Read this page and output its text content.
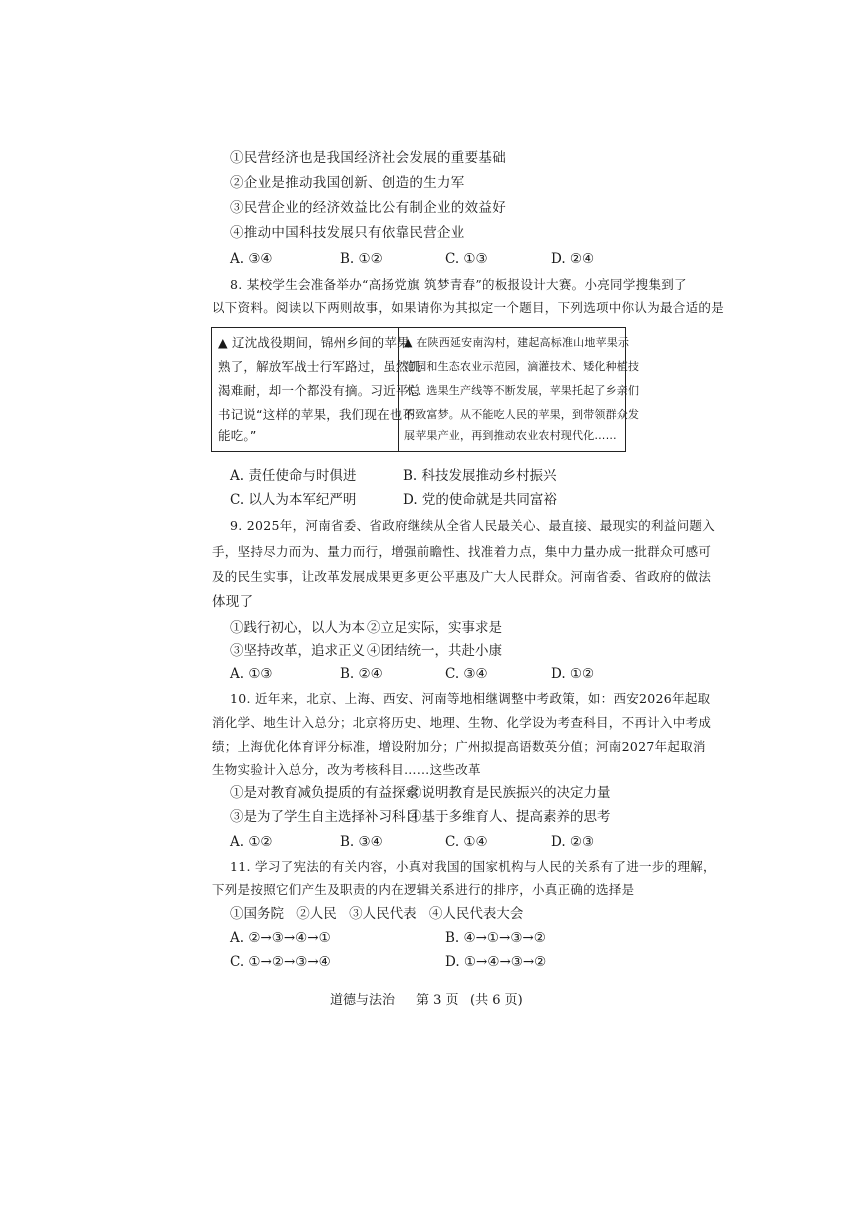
①民营经济也是我国经济社会发展的重要基础
②企业是推动我国创新、创造的生力军
③民营企业的经济效益比公有制企业的效益好
④推动中国科技发展只有依靠民营企业
A. ③④	B. ①②	C. ①③	D. ②④
8. 某校学生会准备举办“高扬党旗 筑梦青春”的板报设计大赛。小亮同学搜集到了
以下资料。阅读以下两则故事，如果请你为其拟定一个题目，下列选项中你认为最合适的是
▲ 辽沈战役期间，锦州乡间的苹果
熟了，解放军战士行军路过，虽然饥
渴难耐，却一个都没有摘。习近平总
书记说“这样的苹果，我们现在也不
能吃。”
▲ 在陕西延安南沟村，建起高标准山地苹果示
范园和生态农业示范园，滴灌技术、矮化种植技
术、选果生产线等不断发展，苹果托起了乡亲们
的致富梦。从不能吃人民的苹果，到带领群众发
展苹果产业，再到推动农业农村现代化……
A. 责任使命与时俱进	B. 科技发展推动乡村振兴
C. 以人为本军纪严明	D. 党的使命就是共同富裕
9. 2025年，河南省委、省政府继续从全省人民最关心、最直接、最现实的利益问题入
手，坚持尽力而为、量力而行，增强前瞻性、找准着力点，集中力量办成一批群众可感可
及的民生实事，让改革发展成果更多更公平惠及广大人民群众。河南省委、省政府的做法
体现了
①践行初心，以人为本 ②立足实际，实事求是
③坚持改革，追求正义 ④团结统一，共赴小康
A. ①③	B. ②④	C. ③④	D. ①②
10. 近年来，北京、上海、西安、河南等地相继调整中考政策，如：西安2026年起取
消化学、地生计入总分；北京将历史、地理、生物、化学设为考查科目，不再计入中考成
绩；上海优化体育评分标准，增设附加分；广州拟提高语数英分值；河南2027年起取消
生物实验计入总分，改为考核科目……这些改革
①是对教育减负提质的有益探索
②说明教育是民族振兴的决定力量
③是为了学生自主选择补习科目
④基于多维育人、提高素养的思考
A. ①②	B. ③④	C. ①④	D. ②③
11. 学习了宪法的有关内容，小真对我国的国家机构与人民的关系有了进一步的理解，
下列是按照它们产生及职责的内在逻辑关系进行的排序，小真正确的选择是
①国务院 ②人民 ③人民代表 ④人民代表大会
A. ②→③→④→①	B. ④→①→③→②
C. ①→②→③→④	D. ①→④→③→②
道德与法治 第 3 页 (共 6 页)
